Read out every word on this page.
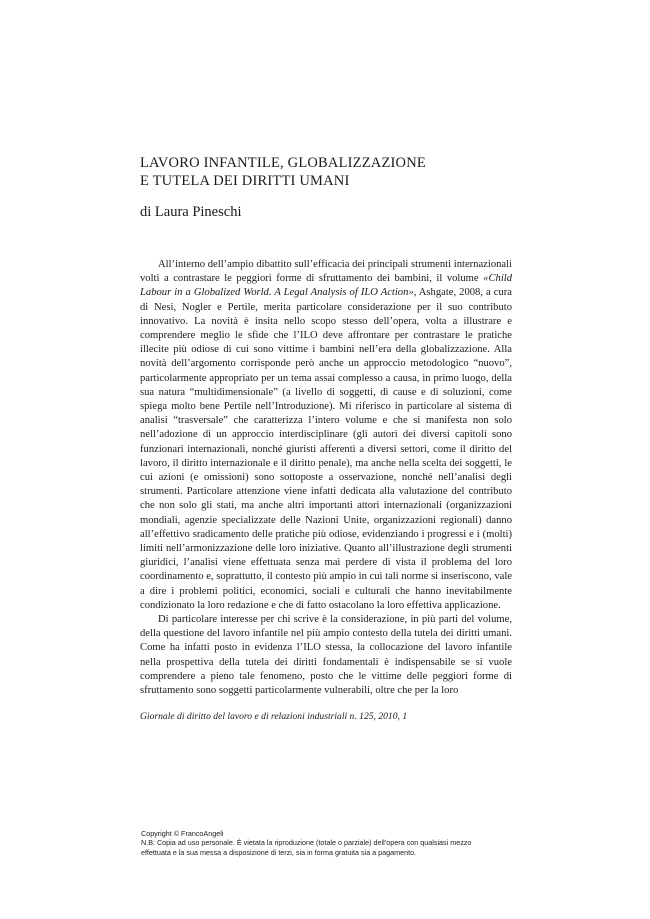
LAVORO INFANTILE, GLOBALIZZAZIONE
E TUTELA DEI DIRITTI UMANI

di Laura Pineschi

All’interno dell’ampio dibattito sull’efficacia dei principali strumenti internazionali volti a contrastare le peggiori forme di sfruttamento dei bambini, il volume «Child Labour in a Globalized World. A Legal Analysis of ILO Action», Ashgate, 2008, a cura di Nesi, Nogler e Pertile, merita particolare considerazione per il suo contributo innovativo. La novità è insita nello scopo stesso dell’opera, volta a illustrare e comprendere meglio le sfide che l’ILO deve affrontare per contrastare le pratiche illecite più odiose di cui sono vittime i bambini nell’era della globalizzazione. Alla novità dell’argomento corrisponde però anche un approccio metodologico “nuovo”, particolarmente appropriato per un tema assai complesso a causa, in primo luogo, della sua natura “multidimensionale” (a livello di soggetti, di cause e di soluzioni, come spiega molto bene Pertile nell’Introduzione). Mi riferisco in particolare al sistema di analisi “trasversale” che caratterizza l’intero volume e che si manifesta non solo nell’adozione di un approccio interdisciplinare (gli autori dei diversi capitoli sono funzionari internazionali, nonché giuristi afferenti a diversi settori, come il diritto del lavoro, il diritto internazionale e il diritto penale), ma anche nella scelta dei soggetti, le cui azioni (e omissioni) sono sottoposte a osservazione, nonché nell’analisi degli strumenti. Particolare attenzione viene infatti dedicata alla valutazione del contributo che non solo gli stati, ma anche altri importanti attori internazionali (organizzazioni mondiali, agenzie specializzate delle Nazioni Unite, organizzazioni regionali) danno all’effettivo sradicamento delle pratiche più odiose, evidenziando i progressi e i (molti) limiti nell’armonizzazione delle loro iniziative. Quanto all’illustrazione degli strumenti giuridici, l’analisi viene effettuata senza mai perdere di vista il problema del loro coordinamento e, soprattutto, il contesto più ampio in cui tali norme si inseriscono, vale a dire i problemi politici, economici, sociali e culturali che hanno inevitabilmente condizionato la loro redazione e che di fatto ostacolano la loro effettiva applicazione.

Di particolare interesse per chi scrive è la considerazione, in più parti del volume, della questione del lavoro infantile nel più ampio contesto della tutela dei diritti umani. Come ha infatti posto in evidenza l’ILO stessa, la collocazione del lavoro infantile nella prospettiva della tutela dei diritti fondamentali è indispensabile se si vuole comprendere a pieno tale fenomeno, posto che le vittime delle peggiori forme di sfruttamento sono soggetti particolarmente vulnerabili, oltre che per la loro

Giornale di diritto del lavoro e di relazioni industriali n. 125, 2010, 1
Copyright © FrancoAngeli
N.B: Copia ad uso personale. È vietata la riproduzione (totale o parziale) dell’opera con qualsiasi mezzo
effettuata e la sua messa a disposizione di terzi, sia in forma gratuita sia a pagamento.
